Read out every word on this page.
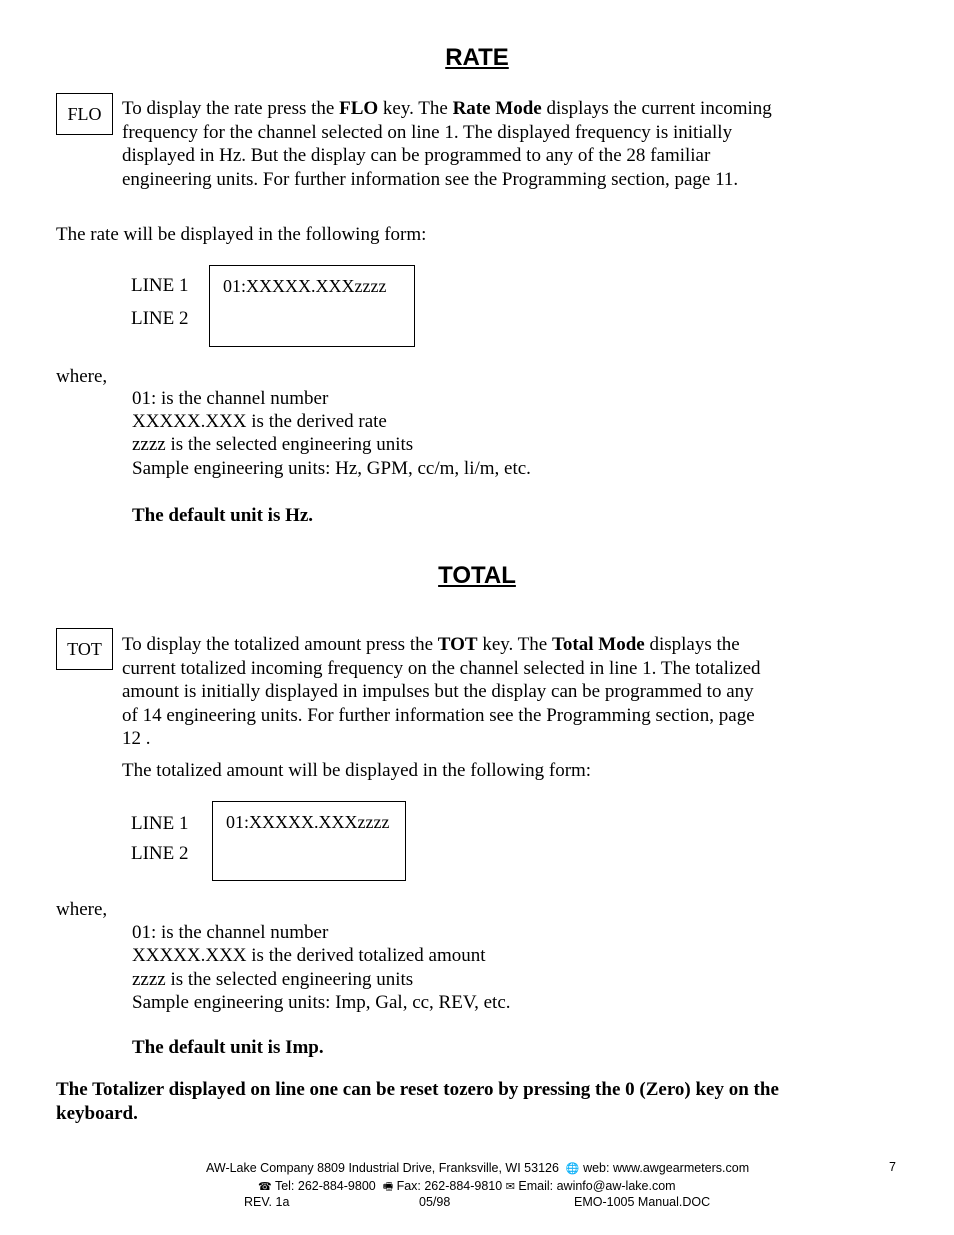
RATE
FLO To display the rate press the FLO key. The Rate Mode displays the current incoming frequency for the channel selected on line 1. The displayed frequency is initially displayed in Hz. But the display can be programmed to any of the 28 familiar engineering units. For further information see the Programming section, page 11.
The rate will be displayed in the following form:
LINE 1
LINE 2
01:XXXXX.XXXzzzz
where,
01: is the channel number
XXXXX.XXX is the derived rate
zzzz is the selected engineering units
Sample engineering units: Hz, GPM, cc/m, li/m, etc.
The default unit is Hz.
TOTAL
TOT To display the totalized amount press the TOT key. The Total Mode displays the current totalized incoming frequency on the channel selected in line 1. The totalized amount is initially displayed in impulses but the display can be programmed to any of 14 engineering units. For further information see the Programming section, page 12 .
The totalized amount will be displayed in the following form:
LINE 1
LINE 2
01:XXXXX.XXXzzzz
where,
01: is the channel number
XXXXX.XXX is the derived totalized amount
zzzz is the selected engineering units
Sample engineering units: Imp, Gal, cc, REV, etc.
The default unit is Imp.
The Totalizer displayed on line one can be reset tozero by pressing the 0 (Zero) key on the keyboard.
AW-Lake Company 8809 Industrial Drive, Franksville, WI 53126 🌐 web: www.awgearmeters.com
☎ Tel: 262-884-9800 🖷 Fax: 262-884-9810 ✉ Email: awinfo@aw-lake.com
REV. 1a	05/98	EMO-1005 Manual.DOC
7
